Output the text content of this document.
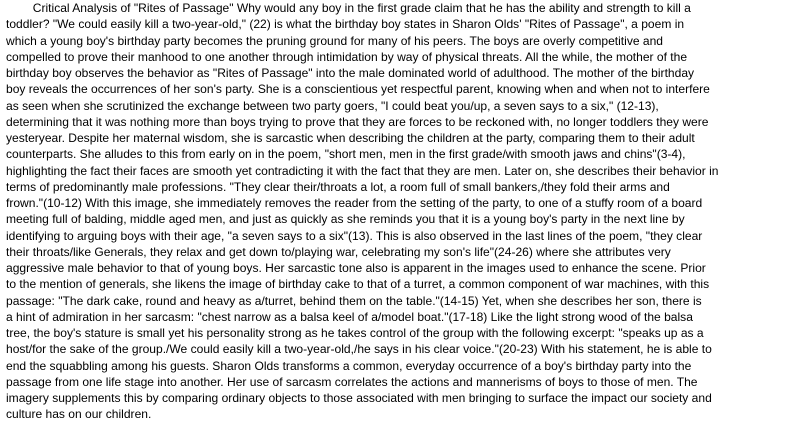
Critical Analysis of "Rites of Passage" Why would any boy in the first grade claim that he has the ability and strength to kill a
toddler? "We could easily kill a two-year-old," (22) is what the birthday boy states in Sharon Olds' "Rites of Passage", a poem in
which a young boy's birthday party becomes the pruning ground for many of his peers. The boys are overly competitive and
compelled to prove their manhood to one another through intimidation by way of physical threats. All the while, the mother of the
birthday boy observes the behavior as "Rites of Passage" into the male dominated world of adulthood. The mother of the birthday
boy reveals the occurrences of her son's party. She is a conscientious yet respectful parent, knowing when and when not to interfere
as seen when she scrutinized the exchange between two party goers, "I could beat you/up, a seven says to a six," (12-13),
determining that it was nothing more than boys trying to prove that they are forces to be reckoned with, no longer toddlers they were
yesteryear. Despite her maternal wisdom, she is sarcastic when describing the children at the party, comparing them to their adult
counterparts. She alludes to this from early on in the poem, "short men, men in the first grade/with smooth jaws and chins"(3-4),
highlighting the fact their faces are smooth yet contradicting it with the fact that they are men. Later on, she describes their behavior in
terms of predominantly male professions. "They clear their/throats a lot, a room full of small bankers,/they fold their arms and
frown."(10-12) With this image, she immediately removes the reader from the setting of the party, to one of a stuffy room of a board
meeting full of balding, middle aged men, and just as quickly as she reminds you that it is a young boy's party in the next line by
identifying to arguing boys with their age, "a seven says to a six"(13). This is also observed in the last lines of the poem, "they clear
their throats/like Generals, they relax and get down to/playing war, celebrating my son's life"(24-26) where she attributes very
aggressive male behavior to that of young boys. Her sarcastic tone also is apparent in the images used to enhance the scene. Prior
to the mention of generals, she likens the image of birthday cake to that of a turret, a common component of war machines, with this
passage: "The dark cake, round and heavy as a/turret, behind them on the table."(14-15) Yet, when she describes her son, there is
a hint of admiration in her sarcasm: "chest narrow as a balsa keel of a/model boat."(17-18) Like the light strong wood of the balsa
tree, the boy's stature is small yet his personality strong as he takes control of the group with the following excerpt: "speaks up as a
host/for the sake of the group./We could easily kill a two-year-old,/he says in his clear voice."(20-23) With his statement, he is able to
end the squabbling among his guests. Sharon Olds transforms a common, everyday occurrence of a boy's birthday party into the
passage from one life stage into another. Her use of sarcasm correlates the actions and mannerisms of boys to those of men. The
imagery supplements this by comparing ordinary objects to those associated with men bringing to surface the impact our society and
culture has on our children.
